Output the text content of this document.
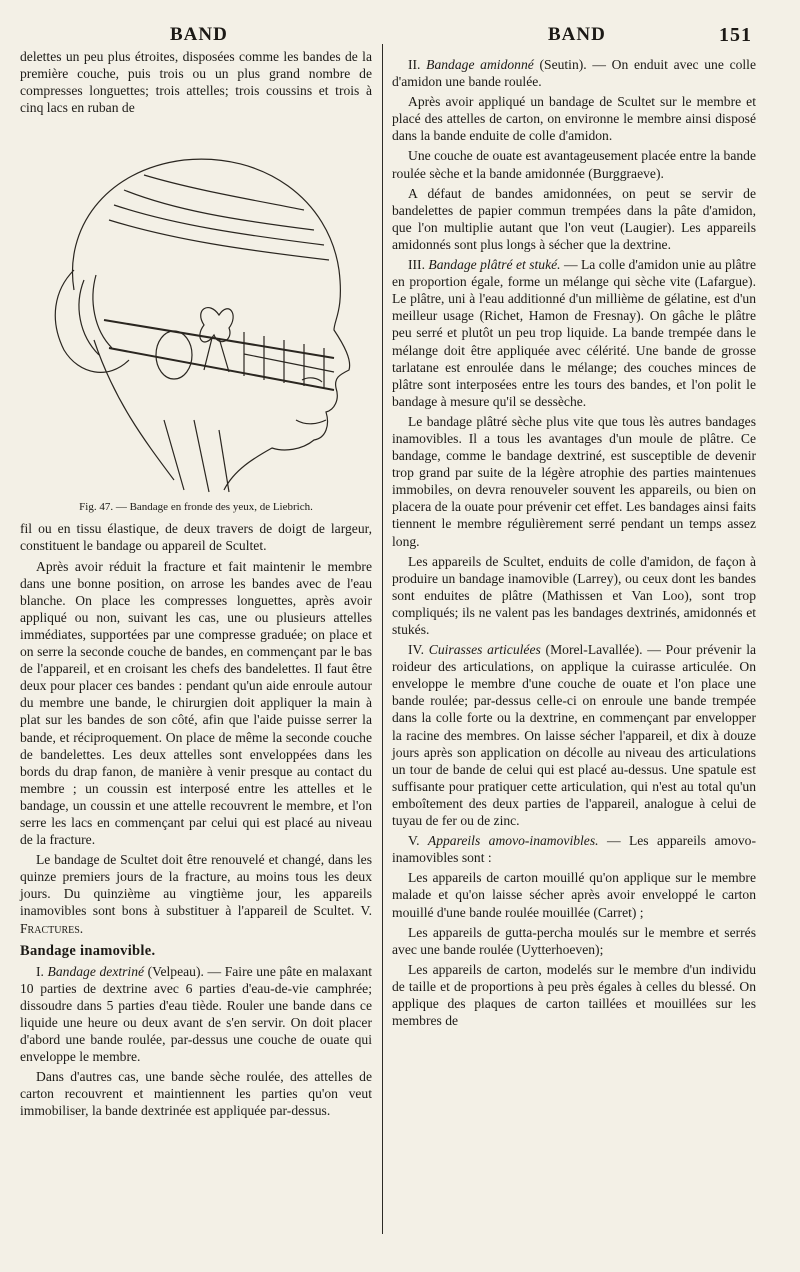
BAND	BAND	151

delettes un peu plus étroites, disposées comme les bandes de la première couche, puis trois ou un plus grand nombre de compresses longuettes; trois attelles; trois coussins et trois à cinq lacs en ruban de

Fig. 47. — Bandage en fronde des yeux, de Liebrich.

fil ou en tissu élastique, de deux travers de doigt de largeur, constituent le bandage ou appareil de Scultet.

Après avoir réduit la fracture et fait maintenir le membre dans une bonne position, on arrose les bandes avec de l'eau blanche. On place les compresses longuettes, après avoir appliqué ou non, suivant les cas, une ou plusieurs attelles immédiates, supportées par une compresse graduée; on place et on serre la seconde couche de bandes, en commençant par le bas de l'appareil, et en croisant les chefs des bandelettes. Il faut être deux pour placer ces bandes : pendant qu'un aide enroule autour du membre une bande, le chirurgien doit appliquer la main à plat sur les bandes de son côté, afin que l'aide puisse serrer la bande, et réciproquement. On place de même la seconde couche de bandelettes. Les deux attelles sont enveloppées dans les bords du drap fanon, de manière à venir presque au contact du membre ; un coussin est interposé entre les attelles et le bandage, un coussin et une attelle recouvrent le membre, et l'on serre les lacs en commençant par celui qui est placé au niveau de la fracture.

Le bandage de Scultet doit être renouvelé et changé, dans les quinze premiers jours de la fracture, au moins tous les deux jours. Du quinzième au vingtième jour, les appareils inamovibles sont bons à substituer à l'appareil de Scultet. V. Fractures.

Bandage inamovible.

I. Bandage dextriné (Velpeau). — Faire une pâte en malaxant 10 parties de dextrine avec 6 parties d'eau-de-vie camphrée; dissoudre dans 5 parties d'eau tiède. Rouler une bande dans ce liquide une heure ou deux avant de s'en servir. On doit placer d'abord une bande roulée, par-dessus une couche de ouate qui enveloppe le membre.

Dans d'autres cas, une bande sèche roulée, des attelles de carton recouvrent et maintiennent les parties qu'on veut immobiliser, la bande dextrinée est appliquée par-dessus.

II. Bandage amidonné (Seutin). — On enduit avec une colle d'amidon une bande roulée.

Après avoir appliqué un bandage de Scultet sur le membre et placé des attelles de carton, on environne le membre ainsi disposé dans la bande enduite de colle d'amidon.

Une couche de ouate est avantageusement placée entre la bande roulée sèche et la bande amidonnée (Burggraeve).

A défaut de bandes amidonnées, on peut se servir de bandelettes de papier commun trempées dans la pâte d'amidon, que l'on multiplie autant que l'on veut (Laugier). Les appareils amidonnés sont plus longs à sécher que la dextrine.

III. Bandage plâtré et stuké. — La colle d'amidon unie au plâtre en proportion égale, forme un mélange qui sèche vite (Lafargue). Le plâtre, uni à l'eau additionné d'un millième de gélatine, est d'un meilleur usage (Richet, Hamon de Fresnay). On gâche le plâtre peu serré et plutôt un peu trop liquide. La bande trempée dans le mélange doit être appliquée avec célérité. Une bande de grosse tarlatane est enroulée dans le mélange; des couches minces de plâtre sont interposées entre les tours des bandes, et l'on polit le bandage à mesure qu'il se dessèche.

Le bandage plâtré sèche plus vite que tous lès autres bandages inamovibles. Il a tous les avantages d'un moule de plâtre. Ce bandage, comme le bandage dextriné, est susceptible de devenir trop grand par suite de la légère atrophie des parties maintenues immobiles, on devra renouveler souvent les appareils, ou bien on placera de la ouate pour prévenir cet effet. Les bandages ainsi faits tiennent le membre régulièrement serré pendant un temps assez long.

Les appareils de Scultet, enduits de colle d'amidon, de façon à produire un bandage inamovible (Larrey), ou ceux dont les bandes sont enduites de plâtre (Mathissen et Van Loo), sont trop compliqués; ils ne valent pas les bandages dextrinés, amidonnés et stukés.

IV. Cuirasses articulées (Morel-Lavallée). — Pour prévenir la roideur des articulations, on applique la cuirasse articulée. On enveloppe le membre d'une couche de ouate et l'on place une bande roulée; par-dessus celle-ci on enroule une bande trempée dans la colle forte ou la dextrine, en commençant par envelopper la racine des membres. On laisse sécher l'appareil, et dix à douze jours après son application on décolle au niveau des articulations un tour de bande de celui qui est placé au-dessus. Une spatule est suffisante pour pratiquer cette articulation, qui n'est au total qu'un emboîtement des deux parties de l'appareil, analogue à celui de tuyau de fer ou de zinc.

V. Appareils amovo-inamovibles. — Les appareils amovo-inamovibles sont :

Les appareils de carton mouillé qu'on applique sur le membre malade et qu'on laisse sécher après avoir enveloppé le carton mouillé d'une bande roulée mouillée (Carret) ;

Les appareils de gutta-percha moulés sur le membre et serrés avec une bande roulée (Uytterhoeven);

Les appareils de carton, modelés sur le membre d'un individu de taille et de proportions à peu près égales à celles du blessé. On applique des plaques de carton taillées et mouillées sur les membres de
